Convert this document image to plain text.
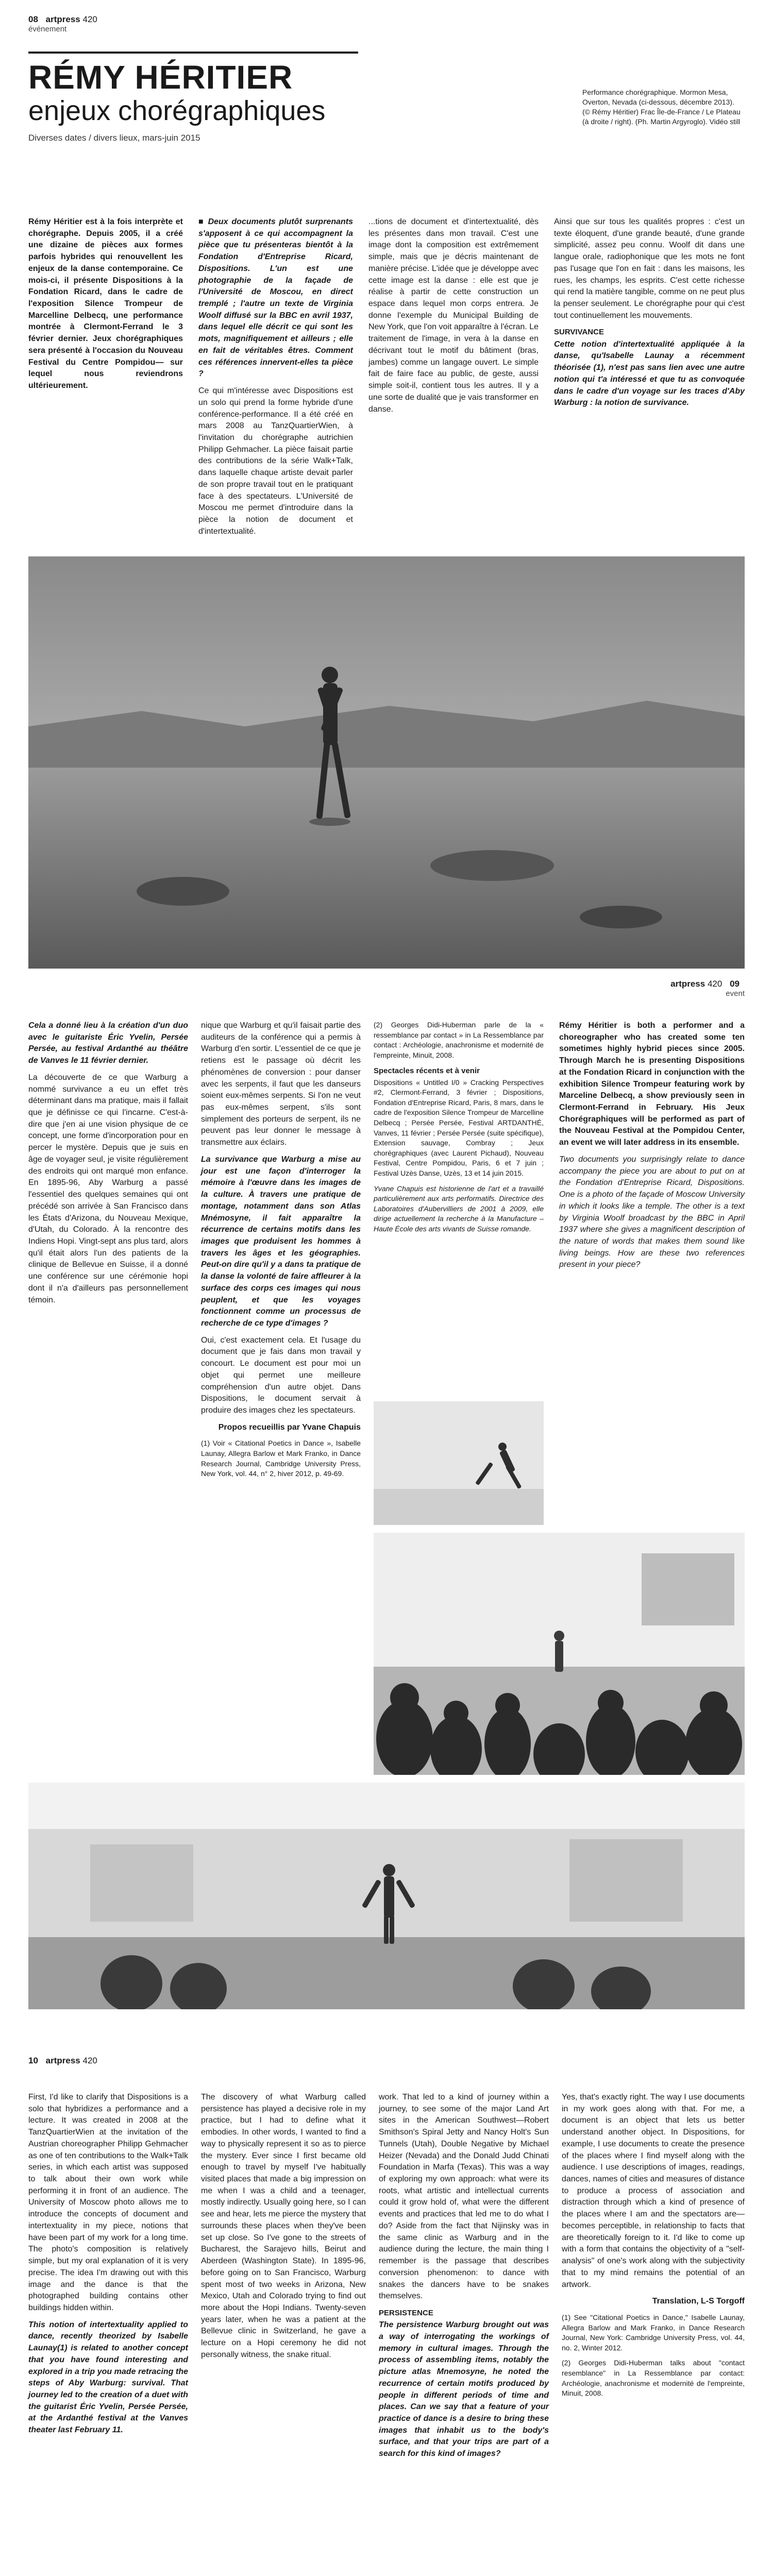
08 artpress 420
événement
RÉMY HÉRITIER
enjeux chorégraphiques
Diverses dates / divers lieux, mars-juin 2015
Performance chorégraphique. Mormon Mesa, Overton, Nevada (ci-dessous, décembre 2013). (© Rémy Héritier) Frac Île-de-France / Le Plateau (à droite / right). (Ph. Martin Argyroglo). Vidéo still

Rémy Héritier est à la fois interprète et chorégraphe. Depuis 2005, il a créé une dizaine de pièces aux formes parfois hybrides qui renouvellent les enjeux de la danse contemporaine. Ce mois-ci, il présente Dispositions à la Fondation Ricard, dans le cadre de l'exposition Silence Trompeur de Marcelline Delbecq, une performance montrée à Clermont-Ferrand le 3 février dernier. Jeux chorégraphiques sera présenté à l'occasion du Nouveau Festival du Centre Pompidou— sur lequel nous reviendrons ultérieurement.

■ Deux documents plutôt surprenants s'apposent à ce qui accompagnent la pièce que tu présenteras bientôt à la Fondation d'Entreprise Ricard, Dispositions. L'un est une photographie de la façade de l'Université de Moscou, en direct tremplé ; l'autre un texte de Virginia Woolf diffusé sur la BBC en avril 1937, dans lequel elle décrit ce qui sont les mots, magnifiquement et ailleurs ; elle en fait de véritables êtres. Comment ces références innervent-elles ta pièce ?

Ce qui m'intéresse avec Dispositions est un solo qui prend la forme hybride d'une conférence-performance. Il a été créé en mars 2008 au TanzQuartierWien, à l'invitation du chorégraphe autrichien Philipp Gehmacher. La pièce faisait partie des contributions de la série Walk+Talk, dans laquelle chaque artiste devait parler de son propre travail tout en le pratiquant face à des spectateurs. L'Université de Moscou me permet d'introduire dans la pièce la notion de document et d'intertextualité.

...tions de document et d'intertextualité, dès les présentes dans mon travail. C'est une image dont la composition est extrêmement simple, mais que je décris maintenant de manière précise. L'idée que je développe avec cette image est la danse : elle est que je réalise à partir de cette construction un espace dans lequel mon corps entrera. Je donne l'exemple du Municipal Building de New York, que l'on voit apparaître à l'écran. Le traitement de l'image, in vera à la danse en décrivant tout le motif du bâtiment (bras, jambes) comme un langage ouvert. Le simple fait de faire face au public, de geste, aussi simple soit-il, contient tous les autres. Il y a une sorte de dualité que je vais transformer en danse.

Ainsi que sur tous les qualités propres : c'est un texte éloquent, d'une grande beauté, d'une grande simplicité, assez peu connu. Woolf dit dans une langue orale, radiophonique que les mots ne font pas l'usage que l'on en fait : dans les maisons, les rues, les champs, les esprits. C'est cette richesse qui rend la matière tangible, comme on ne peut plus la penser seulement. Le chorégraphe pour qui c'est tout continuellement les mouvements.

SURVIVANCE

Cette notion d'intertextualité appliquée à la danse, qu'Isabelle Launay a récemment théorisée (1), n'est pas sans lien avec une autre notion qui t'a intéressé et que tu as convoquée dans le cadre d'un voyage sur les traces d'Aby Warburg : la notion de survivance.

artpress 420 09
event

Cela a donné lieu à la création d'un duo avec le guitariste Éric Yvelin, Persée Persée, au festival Ardanthé au théâtre de Vanves le 11 février dernier.

La découverte de ce que Warburg a nommé survivance a eu un effet très déterminant dans ma pratique, mais il fallait que je définisse ce qui l'incarne. C'est-à-dire que j'en ai une vision physique de ce concept, une forme d'incorporation pour en percer le mystère. Depuis que je suis en âge de voyager seul, je visite régulièrement des endroits qui ont marqué mon enfance. En 1895-96, Aby Warburg a passé l'essentiel des quelques semaines qui ont précédé son arrivée à San Francisco dans les États d'Arizona, du Nouveau Mexique, d'Utah, du Colorado. À la rencontre des Indiens Hopi. Vingt-sept ans plus tard, alors qu'il était alors l'un des patients de la clinique de Bellevue en Suisse, il a donné une conférence sur une cérémonie hopi dont il n'a d'ailleurs pas personnellement témoin.

nique que Warburg et qu'il faisait partie des auditeurs de la conférence qui a permis à Warburg d'en sortir. L'essentiel de ce que je retiens est le passage où décrit les phénomènes de conversion : pour danser avec les serpents, il faut que les danseurs soient eux-mêmes serpents. Si l'on ne veut pas eux-mêmes serpent, s'ils sont simplement des porteurs de serpent, ils ne peuvent pas leur donner le message à transmettre aux éclairs.

La survivance que Warburg a mise au jour est une façon d'interroger la mémoire à l'œuvre dans les images de la culture. À travers une pratique de montage, notamment dans son Atlas Mnémosyne, il fait apparaître la récurrence de certains motifs dans les images que produisent les hommes à travers les âges et les géographies. Peut-on dire qu'il y a dans ta pratique de la danse la volonté de faire affleurer à la surface des corps ces images qui nous peuplent, et que les voyages fonctionnent comme un processus de recherche de ce type d'images ?

Oui, c'est exactement cela. Et l'usage du document que je fais dans mon travail y concourt. Le document est pour moi un objet qui permet une meilleure compréhension d'un autre objet. Dans Dispositions, le document servait à produire des images chez les spectateurs.

Propos recueillis par Yvane Chapuis

(1) Voir « Citational Poetics in Dance », Isabelle Launay, Allegra Barlow et Mark Franko, in Dance Research Journal, Cambridge University Press, New York, vol. 44, n° 2, hiver 2012, p. 49-69.

(2) Georges Didi-Huberman parle de la « ressemblance par contact » in La Ressemblance par contact : Archéologie, anachronisme et modernité de l'empreinte, Minuit, 2008.

Spectacles récents et à venir

Dispositions « Untitled I/0 » Cracking Perspectives #2, Clermont-Ferrand, 3 février ; Dispositions, Fondation d'Entreprise Ricard, Paris, 8 mars, dans le cadre de l'exposition Silence Trompeur de Marcelline Delbecq ; Persée Persée, Festival ARTDANTHÉ, Vanves, 11 février ; Persée Persée (suite spécifique), Extension sauvage, Combray ; Jeux chorégraphiques (avec Laurent Pichaud), Nouveau Festival, Centre Pompidou, Paris, 6 et 7 juin ; Festival Uzès Danse, Uzès, 13 et 14 juin 2015.

Yvane Chapuis est historienne de l'art et a travaillé particulièrement aux arts performatifs. Directrice des Laboratoires d'Aubervilliers de 2001 à 2009, elle dirige actuellement la recherche à la Manufacture – Haute École des arts vivants de Suisse romande.

Rémy Héritier is both a performer and a choreographer who has created some ten sometimes highly hybrid pieces since 2005. Through March he is presenting Dispositions at the Fondation Ricard in conjunction with the exhibition Silence Trompeur featuring work by Marceline Delbecq, a show previously seen in Clermont-Ferrand in February. His Jeux Chorégraphiques will be performed as part of the Nouveau Festival at the Pompidou Center, an event we will later address in its ensemble.

Two documents you surprisingly relate to dance accompany the piece you are about to put on at the Fondation d'Entreprise Ricard, Dispositions. One is a photo of the façade of Moscow University in which it looks like a temple. The other is a text by Virginia Woolf broadcast by the BBC in April 1937 where she gives a magnificent description of the nature of words that makes them sound like living beings. How are these two references present in your piece?

10 artpress 420

First, I'd like to clarify that Dispositions is a solo that hybridizes a performance and a lecture. It was created in 2008 at the TanzQuartierWien at the invitation of the Austrian choreographer Philipp Gehmacher as one of ten contributions to the Walk+Talk series, in which each artist was supposed to talk about their own work while performing it in front of an audience. The University of Moscow photo allows me to introduce the concepts of document and intertextuality in my piece, notions that have been part of my work for a long time. The photo's composition is relatively simple, but my oral explanation of it is very precise. The idea I'm drawing out with this image and the dance is that the photographed building contains other buildings hidden within.

This notion of intertextuality applied to dance, recently theorized by Isabelle Launay(1) is related to another concept that you have found interesting and explored in a trip you made retracing the steps of Aby Warburg: survival. That journey led to the creation of a duet with the guitarist Éric Yvelin, Persée Persée, at the Ardanthé festival at the Vanves theater last February 11.

The discovery of what Warburg called persistence has played a decisive role in my practice, but I had to define what it embodies. In other words, I wanted to find a way to physically represent it so as to pierce the mystery. Ever since I first became old enough to travel by myself I've habitually visited places that made a big impression on me when I was a child and a teenager, mostly indirectly. Usually going here, so I can see and hear, lets me pierce the mystery that surrounds these places when they've been set up close. So I've gone to the streets of Bucharest, the Sarajevo hills, Beirut and Aberdeen (Washington State). In 1895-96, before going on to San Francisco, Warburg spent most of two weeks in Arizona, New Mexico, Utah and Colorado trying to find out more about the Hopi Indians. Twenty-seven years later, when he was a patient at the Bellevue clinic in Switzerland, he gave a lecture on a Hopi ceremony he did not personally witness, the snake ritual.

work. That led to a kind of journey within a journey, to see some of the major Land Art sites in the American Southwest—Robert Smithson's Spiral Jetty and Nancy Holt's Sun Tunnels (Utah), Double Negative by Michael Heizer (Nevada) and the Donald Judd Chinati Foundation in Marfa (Texas). This was a way of exploring my own approach: what were its roots, what artistic and intellectual currents could it grow hold of, what were the different events and practices that led me to do what I do? Aside from the fact that Nijinsky was in the same clinic as Warburg and in the audience during the lecture, the main thing I remember is the passage that describes conversion phenomenon: to dance with snakes the dancers have to be snakes themselves.

PERSISTENCE

The persistence Warburg brought out was a way of interrogating the workings of memory in cultural images. Through the process of assembling items, notably the picture atlas Mnemosyne, he noted the recurrence of certain motifs produced by people in different periods of time and places. Can we say that a feature of your practice of dance is a desire to bring these images that inhabit us to the body's surface, and that your trips are part of a search for this kind of images?

Yes, that's exactly right. The way I use documents in my work goes along with that. For me, a document is an object that lets us better understand another object. In Dispositions, for example, I use documents to create the presence of the places where I find myself along with the audience. I use descriptions of images, readings, dances, names of cities and measures of distance to produce a process of association and distraction through which a kind of presence of the places where I am and the spectators are—becomes perceptible, in relationship to facts that are theoretically foreign to it. I'd like to come up with a form that contains the objectivity of a "self-analysis" of one's work along with the subjectivity that to my mind remains the potential of an artwork.

Translation, L-S Torgoff

(1) See "Citational Poetics in Dance," Isabelle Launay, Allegra Barlow and Mark Franko, in Dance Research Journal, New York: Cambridge University Press, vol. 44, no. 2, Winter 2012.

(2) Georges Didi-Huberman talks about "contact resemblance" in La Ressemblance par contact: Archéologie, anachronisme et modernité de l'empreinte, Minuit, 2008.
